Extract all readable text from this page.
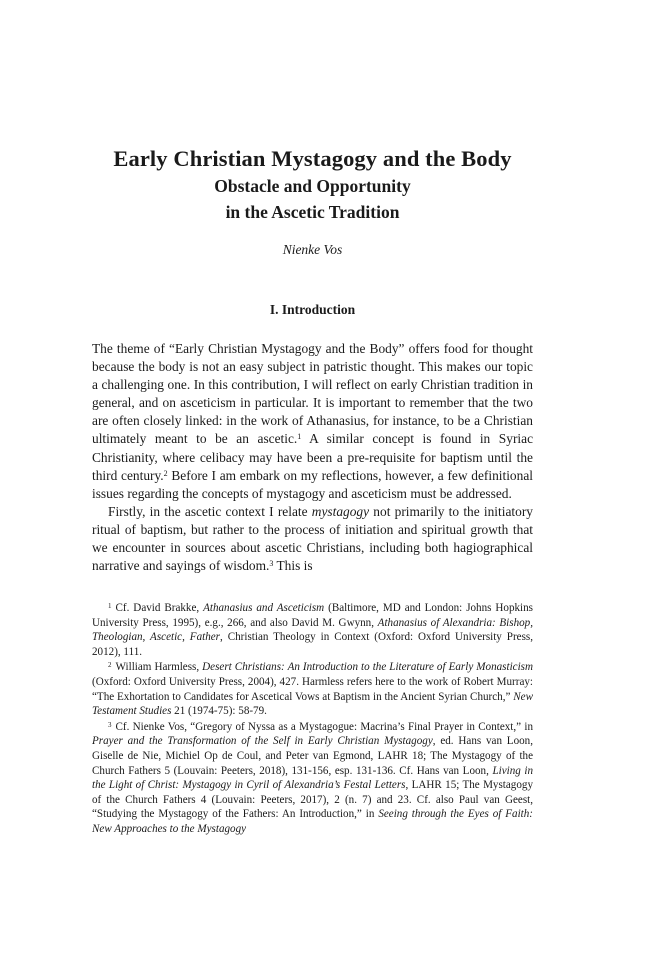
Early Christian Mystagogy and the Body
Obstacle and Opportunity
in the Ascetic Tradition

Nienke Vos

I. Introduction

The theme of “Early Christian Mystagogy and the Body” offers food for thought because the body is not an easy subject in patristic thought. This makes our topic a challenging one. In this contribution, I will reflect on early Christian tradition in general, and on asceticism in particular. It is important to remember that the two are often closely linked: in the work of Athanasius, for instance, to be a Christian ultimately meant to be an ascetic.$^1$ A similar concept is found in Syriac Christianity, where celibacy may have been a pre-requisite for baptism until the third century.$^2$ Before I am embark on my reflections, however, a few definitional issues regarding the concepts of mystagogy and asceticism must be addressed.

Firstly, in the ascetic context I relate mystagogy not primarily to the initiatory ritual of baptism, but rather to the process of initiation and spiritual growth that we encounter in sources about ascetic Christians, including both hagiographical narrative and sayings of wisdom.$^3$ This is

$^1$ Cf. David Brakke, Athanasius and Asceticism (Baltimore, MD and London: Johns Hopkins University Press, 1995), e.g., 266, and also David M. Gwynn, Athanasius of Alexandria: Bishop, Theologian, Ascetic, Father, Christian Theology in Context (Oxford: Oxford University Press, 2012), 111.

$^2$ William Harmless, Desert Christians: An Introduction to the Literature of Early Monasticism (Oxford: Oxford University Press, 2004), 427. Harmless refers here to the work of Robert Murray: “The Exhortation to Candidates for Ascetical Vows at Baptism in the Ancient Syrian Church,” New Testament Studies 21 (1974-75): 58-79.

$^3$ Cf. Nienke Vos, “Gregory of Nyssa as a Mystagogue: Macrina’s Final Prayer in Context,” in Prayer and the Transformation of the Self in Early Christian Mystagogy, ed. Hans van Loon, Giselle de Nie, Michiel Op de Coul, and Peter van Egmond, LAHR 18; The Mystagogy of the Church Fathers 5 (Louvain: Peeters, 2018), 131-156, esp. 131-136. Cf. Hans van Loon, Living in the Light of Christ: Mystagogy in Cyril of Alexandria’s Festal Letters, LAHR 15; The Mystagogy of the Church Fathers 4 (Louvain: Peeters, 2017), 2 (n. 7) and 23. Cf. also Paul van Geest, “Studying the Mystagogy of the Fathers: An Introduction,” in Seeing through the Eyes of Faith: New Approaches to the Mystagogy
